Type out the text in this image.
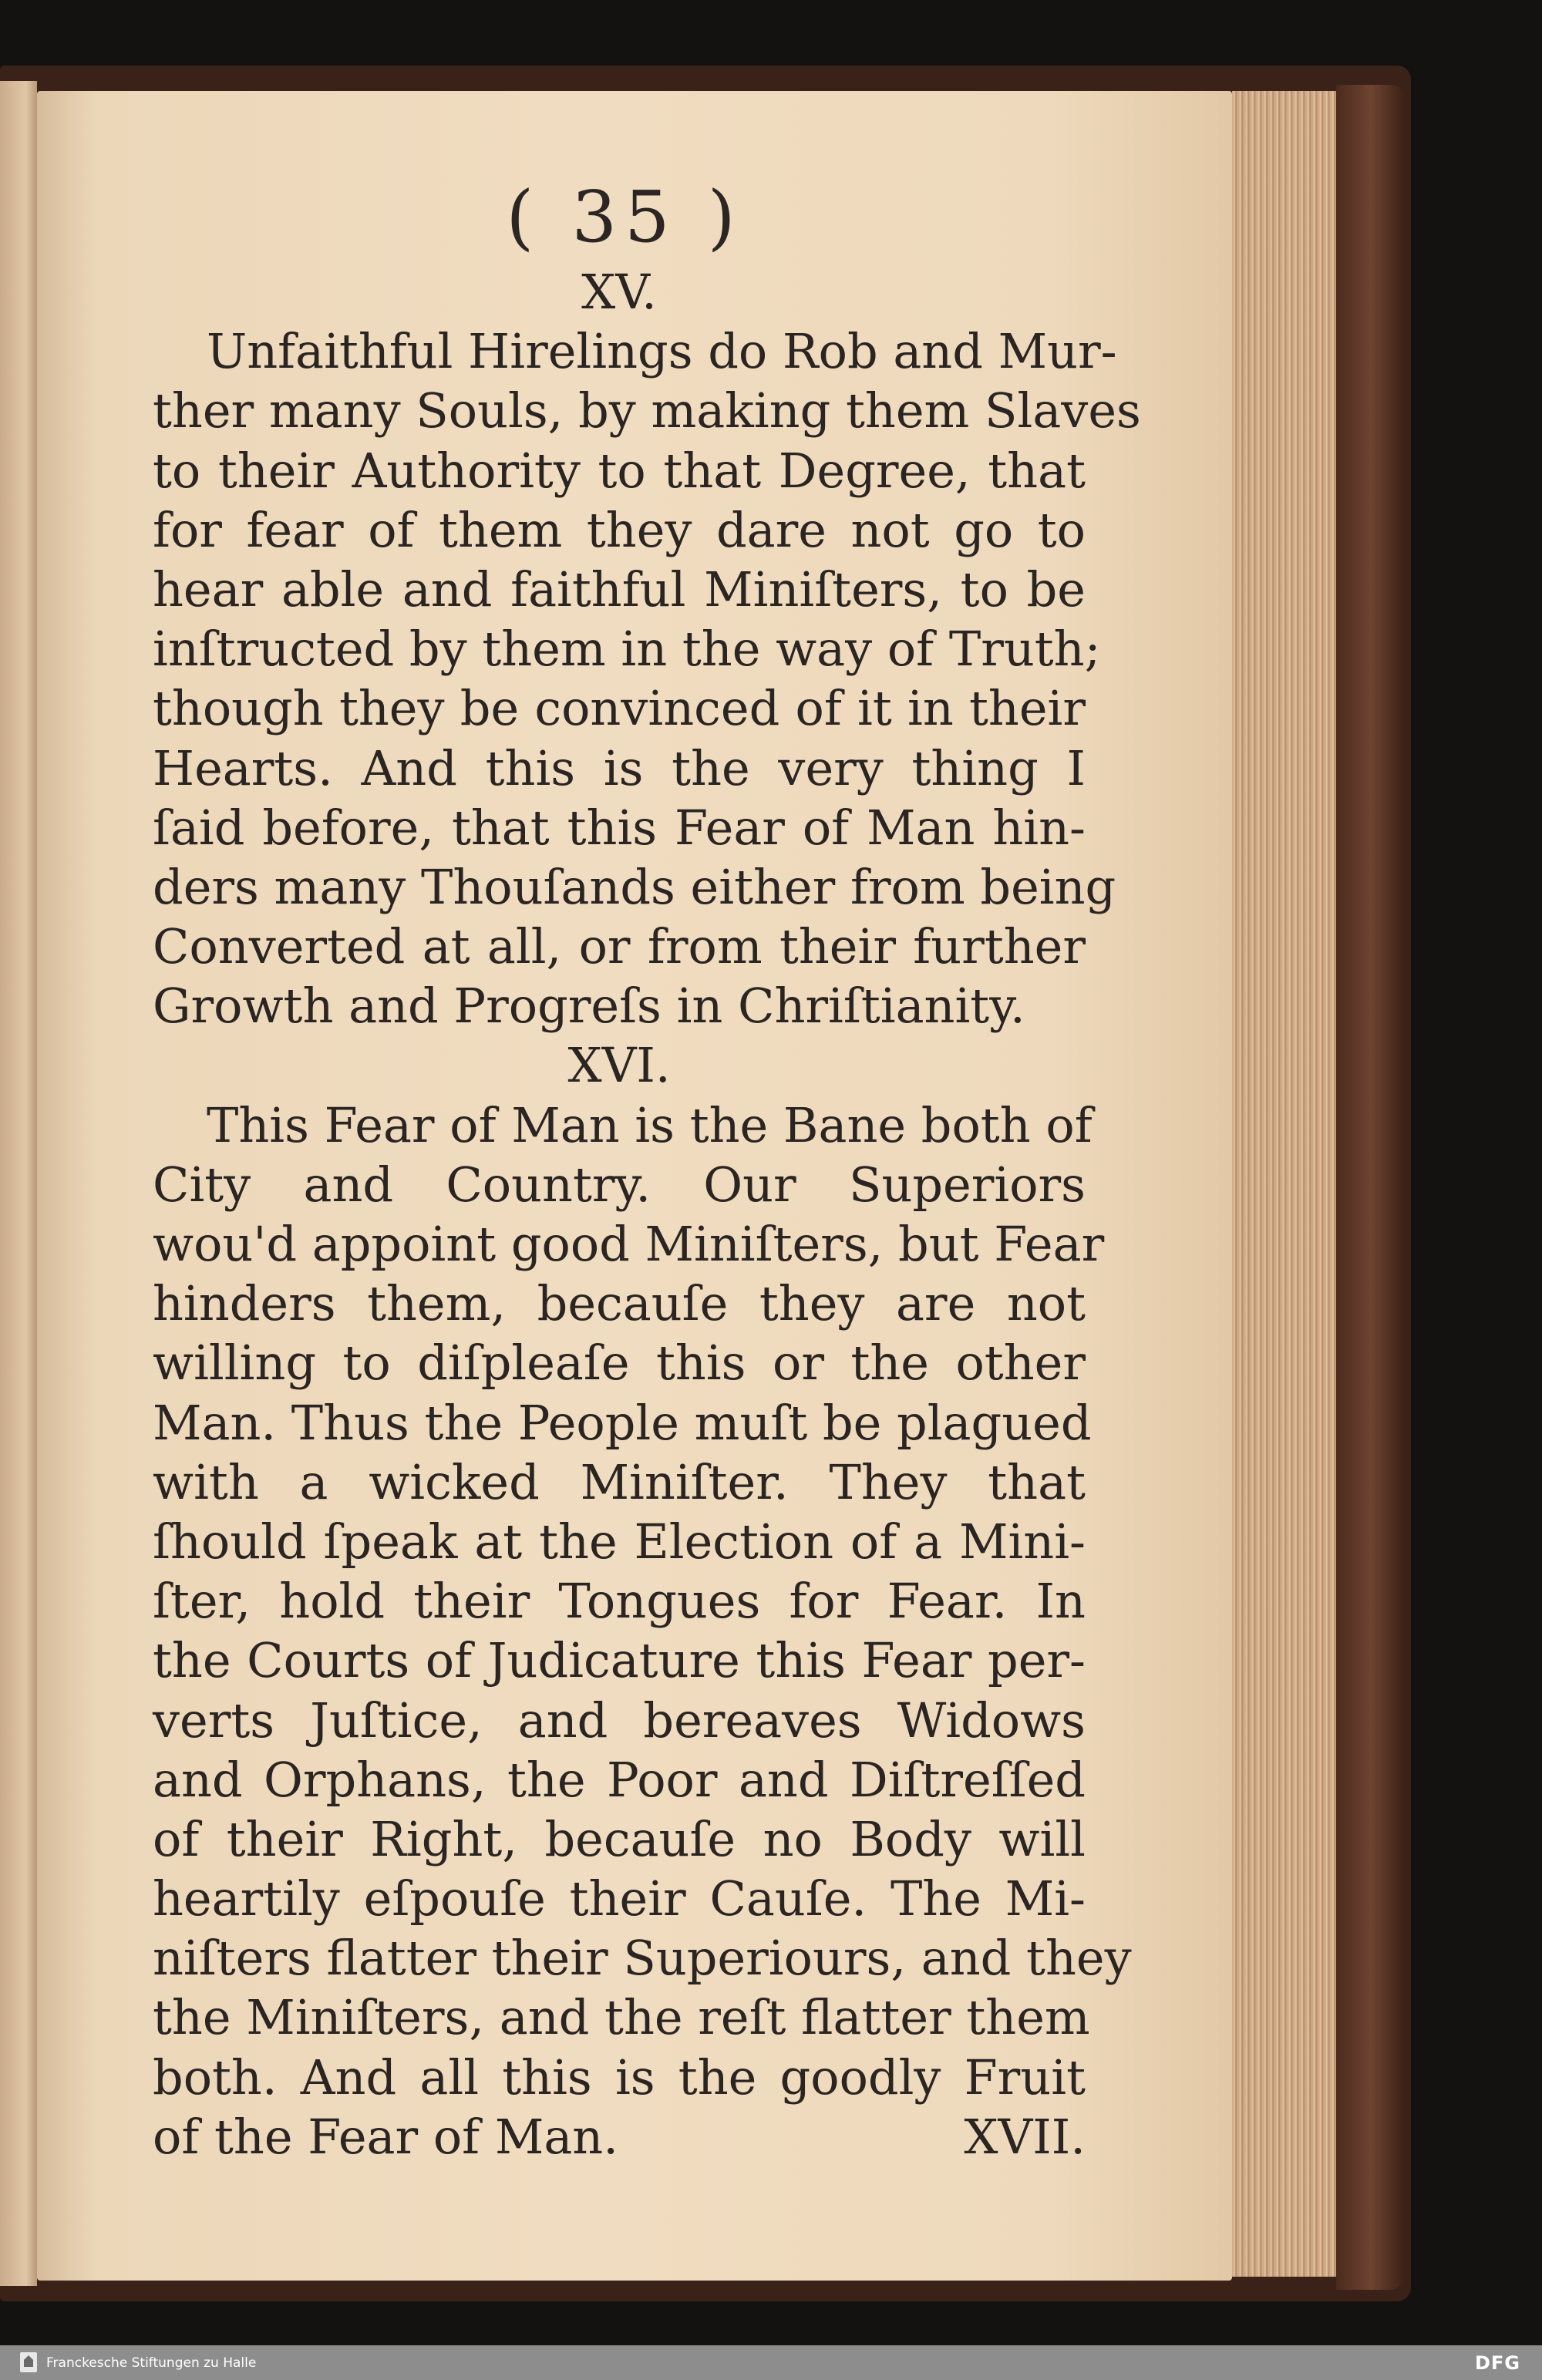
( 35 )
XV.
Unfaithful Hirelings do Rob and Mur-
ther many Souls, by making them Slaves
to their Authority to that Degree, that
for fear of them they dare not go to
hear able and faithful Miniſters, to be
inſtructed by them in the way of Truth;
though they be convinced of it in their
Hearts. And this is the very thing I
ſaid before, that this Fear of Man hin-
ders many Thouſands either from being
Converted at all, or from their further
Growth and Progreſs in Chriſtianity.
XVI.
This Fear of Man is the Bane both of
City and Country. Our Superiors
wou'd appoint good Miniſters, but Fear
hinders them, becauſe they are not
willing to diſpleaſe this or the other
Man. Thus the People muſt be plagued
with a wicked Miniſter. They that
ſhould ſpeak at the Election of a Mini-
ſter, hold their Tongues for Fear. In
the Courts of Judicature this Fear per-
verts Juſtice, and bereaves Widows
and Orphans, the Poor and Diſtreſſed
of their Right, becauſe no Body will
heartily eſpouſe their Cauſe. The Mi-
niſters flatter their Superiours, and they
the Miniſters, and the reſt flatter them
both. And all this is the goodly Fruit
of the Fear of Man.	XVII.
Franckesche Stiftungen zu Halle	DFG
